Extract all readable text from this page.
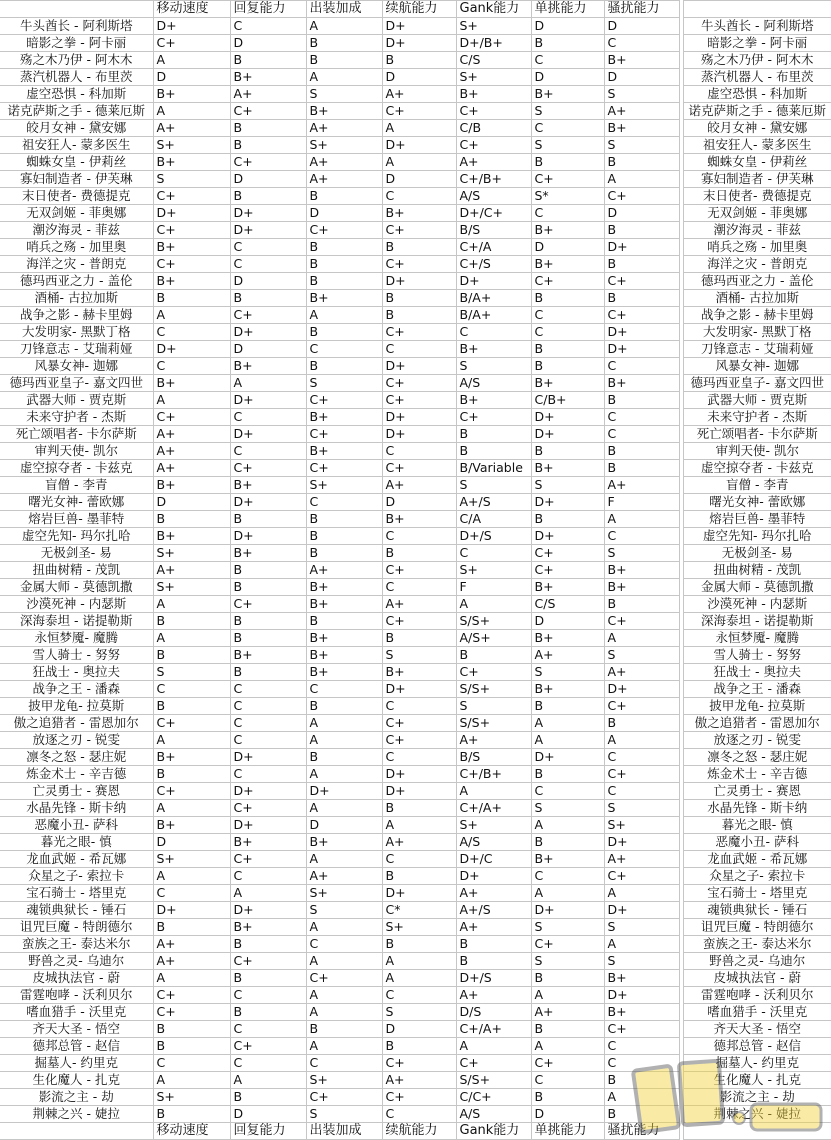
	移动速度	回复能力	出装加成	续航能力	Gank能力	单挑能力	骚扰能力		
牛头酋长 - 阿利斯塔	D+	C	A	D+	S+	D	D		牛头酋长 - 阿利斯塔
暗影之拳 - 阿卡丽	C+	D	B	D+	D+/B+	B	C		暗影之拳 - 阿卡丽
殇之木乃伊 - 阿木木	A	B	B	B	C/S	C	B+		殇之木乃伊 - 阿木木
蒸汽机器人 - 布里茨	D	B+	A	D	S+	D	D		蒸汽机器人 - 布里茨
虚空恐惧 - 科加斯	B+	A+	S	A+	B+	B+	S		虚空恐惧 - 科加斯
诺克萨斯之手 - 德莱厄斯	A	C+	B+	C+	C+	S	A+		诺克萨斯之手 - 德莱厄斯
皎月女神 - 黛安娜	A+	B	A+	A	C/B	C	B+		皎月女神 - 黛安娜
祖安狂人- 蒙多医生	S+	B	S+	D+	C+	S	S		祖安狂人- 蒙多医生
蜘蛛女皇 - 伊莉丝	B+	C+	A+	A	A+	B	B		蜘蛛女皇 - 伊莉丝
寡妇制造者 - 伊芙琳	S	D	A+	D	C+/B+	C+	A		寡妇制造者 - 伊芙琳
末日使者- 费德提克	C+	B	B	C	A/S	S*	C+		末日使者- 费德提克
无双剑姬 - 菲奥娜	D+	D+	D	B+	D+/C+	C	D		无双剑姬 - 菲奥娜
潮汐海灵 - 菲兹	C+	D+	C+	C+	B/S	B+	B		潮汐海灵 - 菲兹
哨兵之殇 - 加里奥	B+	C	B	B	C+/A	D	D+		哨兵之殇 - 加里奥
海洋之灾 - 普朗克	C+	C	B	C+	C+/S	B+	B		海洋之灾 - 普朗克
德玛西亚之力 - 盖伦	B+	D	B	D+	D+	C+	C+		德玛西亚之力 - 盖伦
酒桶- 古拉加斯	B	B	B+	B	B/A+	B	B		酒桶- 古拉加斯
战争之影 - 赫卡里姆	A	C+	A	B	B/A+	C	C+		战争之影 - 赫卡里姆
大发明家- 黑默丁格	C	D+	B	C+	C	C	D+		大发明家- 黑默丁格
刀锋意志 - 艾瑞莉娅	D+	D	C	C	B+	B	D+		刀锋意志 - 艾瑞莉娅
风暴女神- 迦娜	C	B+	B	D+	S	B	C		风暴女神- 迦娜
德玛西亚皇子- 嘉文四世	B+	A	S	C+	A/S	B+	B+		德玛西亚皇子- 嘉文四世
武器大师 - 贾克斯	A	D+	C+	C+	B+	C/B+	B		武器大师 - 贾克斯
未来守护者 - 杰斯	C+	C	B+	D+	C+	D+	C		未来守护者 - 杰斯
死亡颂唱者- 卡尔萨斯	A+	D+	C+	D+	B	D+	C		死亡颂唱者- 卡尔萨斯
审判天使- 凯尔	A+	C	B+	C	B	B	B		审判天使- 凯尔
虚空掠夺者 - 卡兹克	A+	C+	C+	C+	B/Variable	B+	B		虚空掠夺者 - 卡兹克
盲僧 - 李青	B+	B+	S+	A+	S	S	A+		盲僧 - 李青
曙光女神- 蕾欧娜	D	D+	C	D	A+/S	D+	F		曙光女神- 蕾欧娜
熔岩巨兽- 墨菲特	B	B	B	B+	C/A	B	A		熔岩巨兽- 墨菲特
虚空先知- 玛尔扎哈	B+	D+	B	C	D+/S	D+	C		虚空先知- 玛尔扎哈
无极剑圣- 易	S+	B+	B	B	C	C+	S		无极剑圣- 易
扭曲树精 - 茂凯	A+	B	A+	C+	S+	C+	B+		扭曲树精 - 茂凯
金属大师 - 莫德凯撒	S+	B	B+	C	F	B+	B+		金属大师 - 莫德凯撒
沙漠死神 - 内瑟斯	A	C+	B+	A+	A	C/S	B		沙漠死神 - 内瑟斯
深海泰坦 - 诺提勒斯	B	B	B	C+	S/S+	D	C+		深海泰坦 - 诺提勒斯
永恒梦魇- 魔腾	A	B	B+	B	A/S+	B+	A		永恒梦魇- 魔腾
雪人骑士 - 努努	B	B+	B+	S	B	A+	S		雪人骑士 - 努努
狂战士 - 奥拉夫	S	B	B+	B+	C+	S	A+		狂战士 - 奥拉夫
战争之王 - 潘森	C	C	C	D+	S/S+	B+	D+		战争之王 - 潘森
披甲龙龟- 拉莫斯	B	C	B	C	S	B	C+		披甲龙龟- 拉莫斯
傲之追猎者 - 雷恩加尔	C+	C	A	C+	S/S+	A	B		傲之追猎者 - 雷恩加尔
放逐之刃 - 锐雯	A	C	A	C+	A+	A	A		放逐之刃 - 锐雯
凛冬之怒 - 瑟庄妮	B+	D+	B	C	B/S	D+	C		凛冬之怒 - 瑟庄妮
炼金术士 - 辛吉德	B	C	A	D+	C+/B+	B	C+		炼金术士 - 辛吉德
亡灵勇士 - 赛恩	C+	D+	D+	D+	A	C	C		亡灵勇士 - 赛恩
水晶先锋 - 斯卡纳	A	C+	A	B	C+/A+	S	S		水晶先锋 - 斯卡纳
恶魔小丑- 萨科	B+	D+	D	A	S+	A	S+		暮光之眼- 慎
暮光之眼- 慎	D	B+	B+	A+	A/S	B	D+		恶魔小丑- 萨科
龙血武姬 - 希瓦娜	S+	C+	A	C	D+/C	B+	A+		龙血武姬 - 希瓦娜
众星之子- 索拉卡	A	C	A+	B	D+	C	C+		众星之子- 索拉卡
宝石骑士 - 塔里克	C	A	S+	D+	A+	A	A		宝石骑士 - 塔里克
魂锁典狱长 - 锤石	D+	D+	S	C*	A+/S	D+	D+		魂锁典狱长 - 锤石
诅咒巨魔 - 特朗德尔	B	B+	A	S+	A+	S	S		诅咒巨魔 - 特朗德尔
蛮族之王- 泰达米尔	A+	B	C	B	B	C+	A		蛮族之王- 泰达米尔
野兽之灵- 乌迪尔	A+	C+	A	A	B	S	S		野兽之灵- 乌迪尔
皮城执法官 - 蔚	A	B	C+	A	D+/S	B	B+		皮城执法官 - 蔚
雷霆咆哮 - 沃利贝尔	C+	C	A	C	A+	A	D+		雷霆咆哮 - 沃利贝尔
嗜血猎手 - 沃里克	C+	B	A	S	D/S	A+	B+		嗜血猎手 - 沃里克
齐天大圣 - 悟空	B	C	B	D	C+/A+	B	C+		齐天大圣 - 悟空
德邦总管 - 赵信	B	C+	A	B	A	A	C		德邦总管 - 赵信
掘墓人- 约里克	C	C	C	C+	C+	C+	C		掘墓人- 约里克
生化魔人 - 扎克	A	A	S+	A+	S/S+	C	B		生化魔人 - 扎克
影流之主 - 劫	S+	B	C+	C+	C/C+	B	A		影流之主 - 劫
荆棘之兴 - 婕拉	B	D	S	C	A/S	D	B		荆棘之兴 - 婕拉
	移动速度	回复能力	出装加成	续航能力	Gank能力	单挑能力	骚扰能力		
